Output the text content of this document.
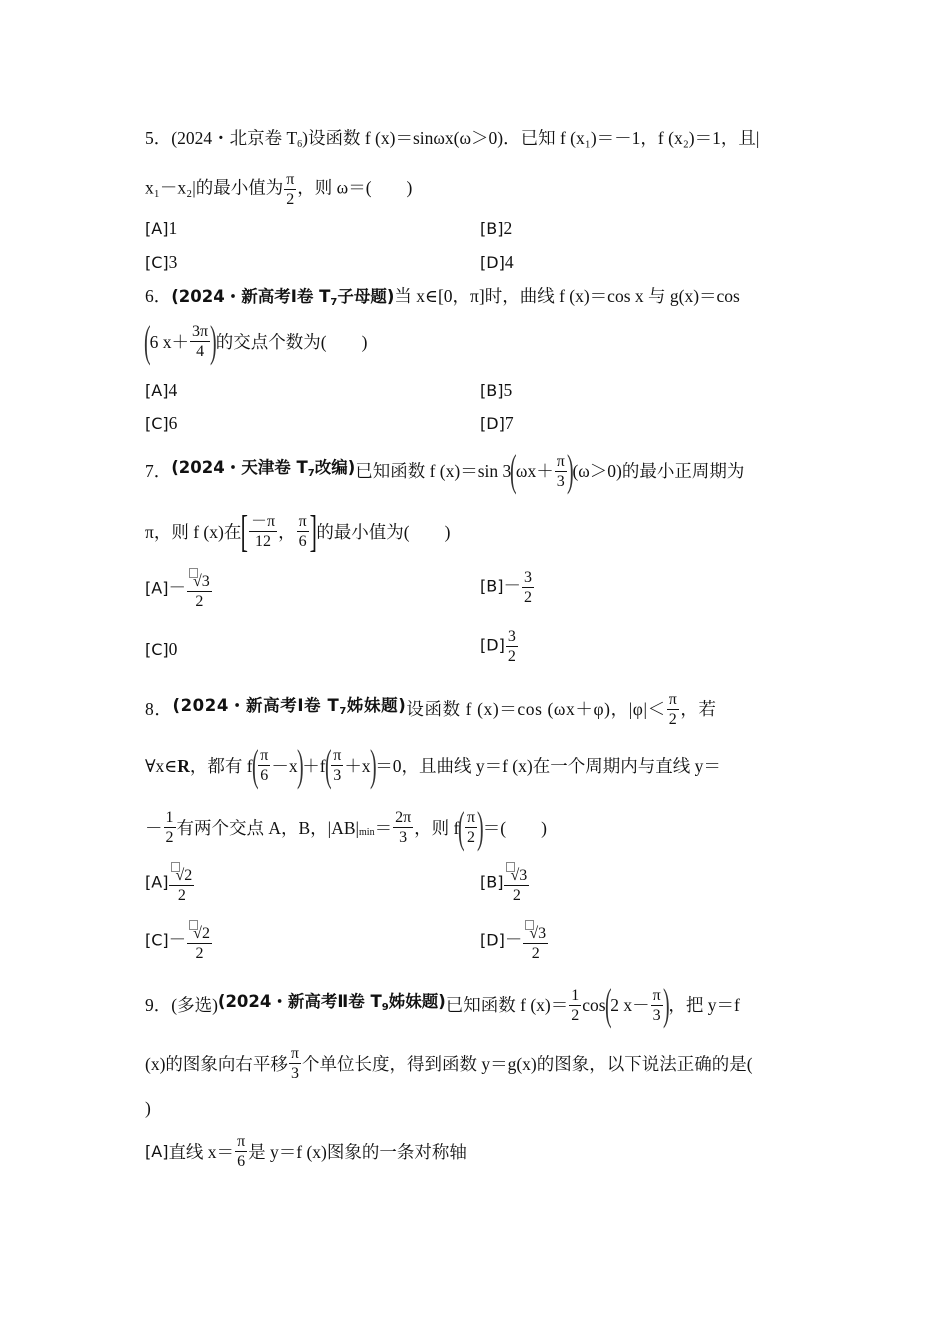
5．(2024・北京卷 $T_6$)设函数 f (x)＝sinωx(ω＞0)．已知 f (x₁)＝－1，f (x₂)＝1，且|
x₁－x₂|的最小值为 $\frac{\pi}{2}$ ，则 ω＝(　　)
[A]1	[B]2
[C]3	[D]4
6．(2024・新高考Ⅰ卷 $T_7$子母题)当 x∈[0，π]时，曲线 f (x)＝cos x 与 g(x)＝cos
(6 $x+ \frac{3\pi}{4}$ )的交点个数为(　　)
[A]4	[B]5
[C]6	[D]7
7．(2024・天津卷 $T_7$改编)已知函数 f (x)＝sin $3(\omega x+ \frac{\pi}{3} )(\omega>0)$的最小正周期为
π，则 f (x)在[ $\frac{-\pi}{12}$ ， $\frac{\pi}{6}$ ]的最小值为(　　)
$[A]- \frac{√3}{2}$	$[B]- \frac{3}{2}$
[C]0	$[D] \frac{3}{2}$
8．(2024・新高考Ⅰ卷 $T_7$姊妹题)设函数 f (x)＝cos (ωx＋φ)，$|\varphi|< \frac{\pi}{2}$ ，若
∀x∈R，都有 $f( \frac{\pi}{6} -x)+f( \frac{\pi}{3} +x)=0$，且曲线 y＝f (x)在一个周期内与直线 y＝
－ $\frac{1}{2}$ 有两个交点 A，B，$|AB|_{min}= \frac{2\pi}{3}$ ，则 $f( \frac{\pi}{2}$ )＝(　　)
$[A] \frac{√2}{2}$	$[B] \frac{√3}{2}$
$[C]- \frac{√2}{2}$	$[D]- \frac{√3}{2}$
9．(多选)(2024・新高考Ⅱ卷 $T_9$姊妹题)已知函数 f $(x)= \frac{1}{2} \cos(2$ $x- \frac{\pi}{3}$ )，把 y＝f
(x)的图象向右平移 $\frac{\pi}{3}$ 个单位长度，得到函数 y＝g(x)的图象，以下说法正确的是(
)
[A]直线 $x= \frac{\pi}{6}$ 是 y＝f (x)图象的一条对称轴
